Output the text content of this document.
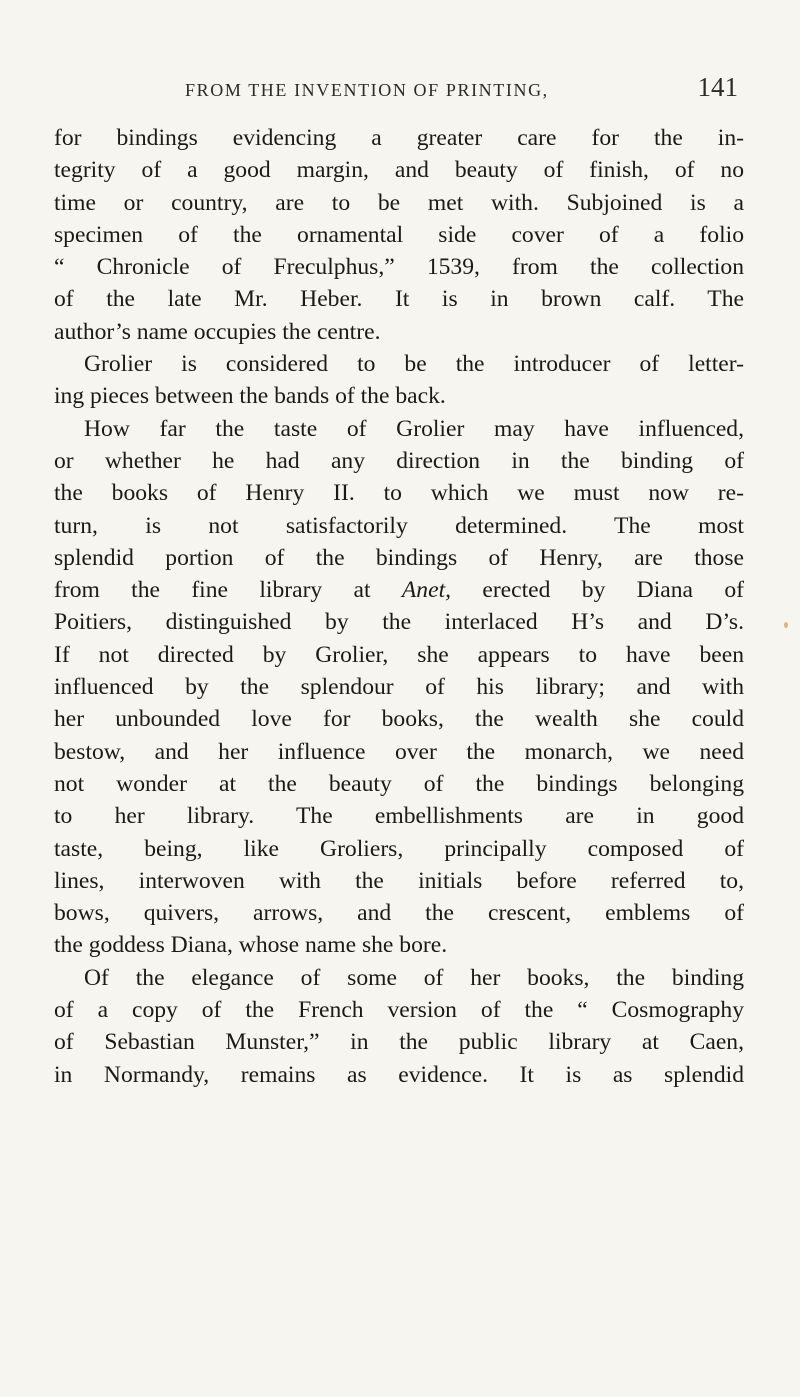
FROM THE INVENTION OF PRINTING,	141
for bindings evidencing a greater care for the in-
tegrity of a good margin, and beauty of finish, of no
time or country, are to be met with. Subjoined is a
specimen of the ornamental side cover of a folio
“ Chronicle of Freculphus,” 1539, from the collection
of the late Mr. Heber. It is in brown calf. The
author’s name occupies the centre.
Grolier is considered to be the introducer of letter-
ing pieces between the bands of the back.
How far the taste of Grolier may have influenced,
or whether he had any direction in the binding of
the books of Henry II. to which we must now re-
turn, is not satisfactorily determined. The most
splendid portion of the bindings of Henry, are those
from the fine library at Anet, erected by Diana of
Poitiers, distinguished by the interlaced H’s and D’s.
If not directed by Grolier, she appears to have been
influenced by the splendour of his library; and with
her unbounded love for books, the wealth she could
bestow, and her influence over the monarch, we need
not wonder at the beauty of the bindings belonging
to her library. The embellishments are in good
taste, being, like Groliers, principally composed of
lines, interwoven with the initials before referred to,
bows, quivers, arrows, and the crescent, emblems of
the goddess Diana, whose name she bore.
Of the elegance of some of her books, the binding
of a copy of the French version of the “ Cosmography
of Sebastian Munster,” in the public library at Caen,
in Normandy, remains as evidence. It is as splendid
